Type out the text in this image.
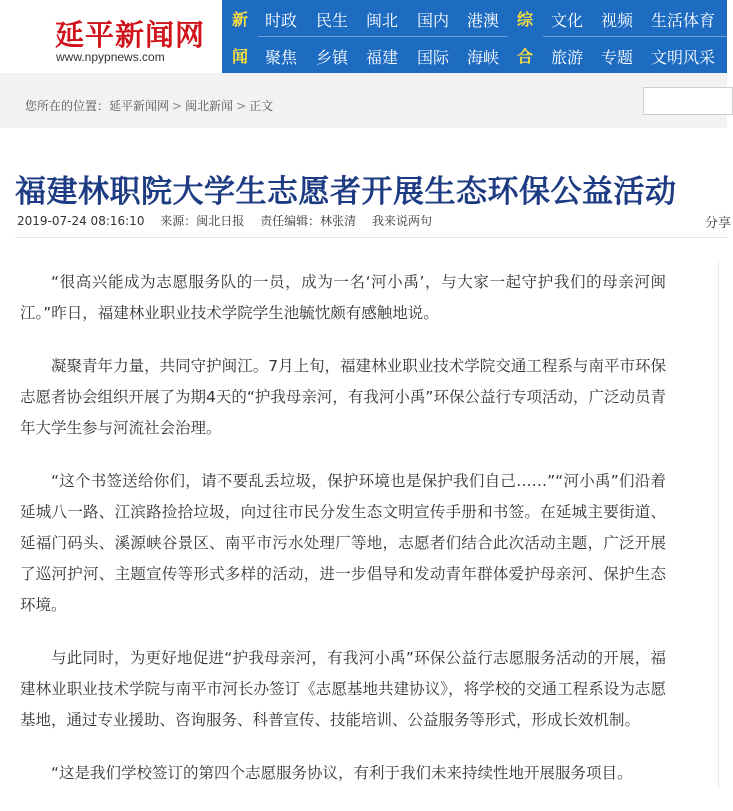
延平新闻网
www.npypnews.com
新
闻
时政 民生 闽北 国内 港澳
聚焦 乡镇 福建 国际 海峡
综
合
文化 视频 生活体育
旅游 专题 文明风采
您所在的位置：延平新闻网 > 闽北新闻 > 正文
福建林职院大学生志愿者开展生态环保公益活动
2019-07-24 08:16:10 来源：闽北日报 责任编辑：林张清 我来说两句	分享

“很高兴能成为志愿服务队的一员，成为一名‘河小禹’，与大家一起守护我们的母亲河闽江。”昨日，福建林业职业技术学院学生池毓忱颇有感触地说。

凝聚青年力量，共同守护闽江。7月上旬，福建林业职业技术学院交通工程系与南平市环保志愿者协会组织开展了为期4天的“护我母亲河，有我河小禹”环保公益行专项活动，广泛动员青年大学生参与河流社会治理。

“这个书签送给你们，请不要乱丢垃圾，保护环境也是保护我们自己……”“河小禹”们沿着延城八一路、江滨路捡拾垃圾，向过往市民分发生态文明宣传手册和书签。在延城主要街道、延福门码头、溪源峡谷景区、南平市污水处理厂等地，志愿者们结合此次活动主题，广泛开展了巡河护河、主题宣传等形式多样的活动，进一步倡导和发动青年群体爱护母亲河、保护生态环境。

与此同时，为更好地促进“护我母亲河，有我河小禹”环保公益行志愿服务活动的开展，福建林业职业技术学院与南平市河长办签订《志愿基地共建协议》，将学校的交通工程系设为志愿基地，通过专业援助、咨询服务、科普宣传、技能培训、公益服务等形式，形成长效机制。

“这是我们学校签订的第四个志愿服务协议，有利于我们未来持续性地开展服务项目。
